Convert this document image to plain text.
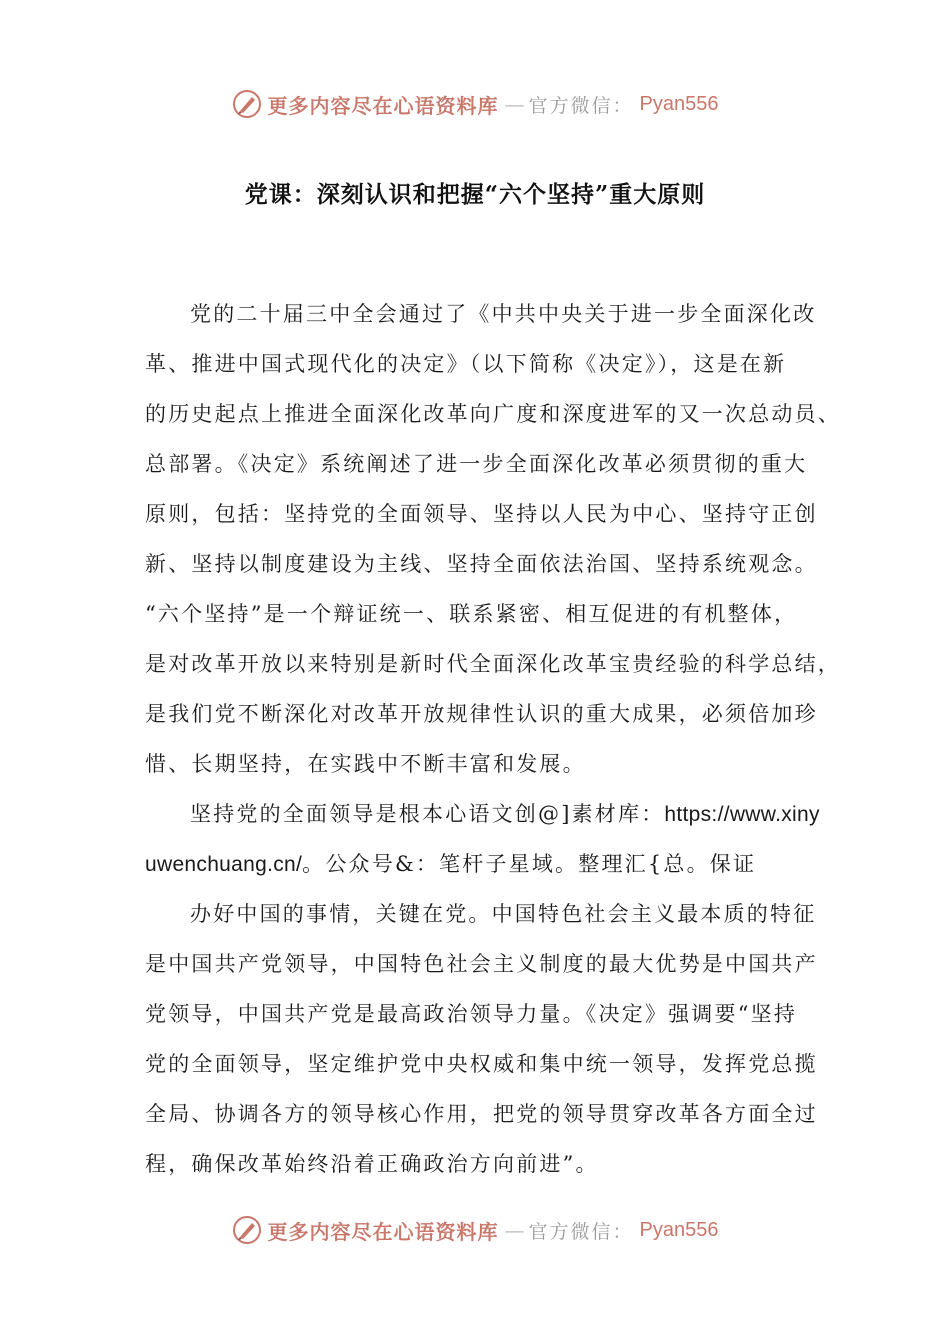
更多内容尽在心语资料库 — 官方微信： Pyan556
党课：深刻认识和把握“六个坚持”重大原则
党的二十届三中全会通过了《中共中央关于进一步全面深化改
革、推进中国式现代化的决定》（以下简称《决定》），这是在新
的历史起点上推进全面深化改革向广度和深度进军的又一次总动员、
总部署。《决定》系统阐述了进一步全面深化改革必须贯彻的重大
原则，包括：坚持党的全面领导、坚持以人民为中心、坚持守正创
新、坚持以制度建设为主线、坚持全面依法治国、坚持系统观念。
“六个坚持”是一个辩证统一、联系紧密、相互促进的有机整体，
是对改革开放以来特别是新时代全面深化改革宝贵经验的科学总结，
是我们党不断深化对改革开放规律性认识的重大成果，必须倍加珍
惜、长期坚持，在实践中不断丰富和发展。
坚持党的全面领导是根本心语文创@]素材库：https://www.xiny
uwenchuang.cn/。公众号&：笔杆子星域。整理汇{总。保证
办好中国的事情，关键在党。中国特色社会主义最本质的特征
是中国共产党领导，中国特色社会主义制度的最大优势是中国共产
党领导，中国共产党是最高政治领导力量。《决定》强调要“坚持
党的全面领导，坚定维护党中央权威和集中统一领导，发挥党总揽
全局、协调各方的领导核心作用，把党的领导贯穿改革各方面全过
程，确保改革始终沿着正确政治方向前进”。
更多内容尽在心语资料库 — 官方微信： Pyan556
